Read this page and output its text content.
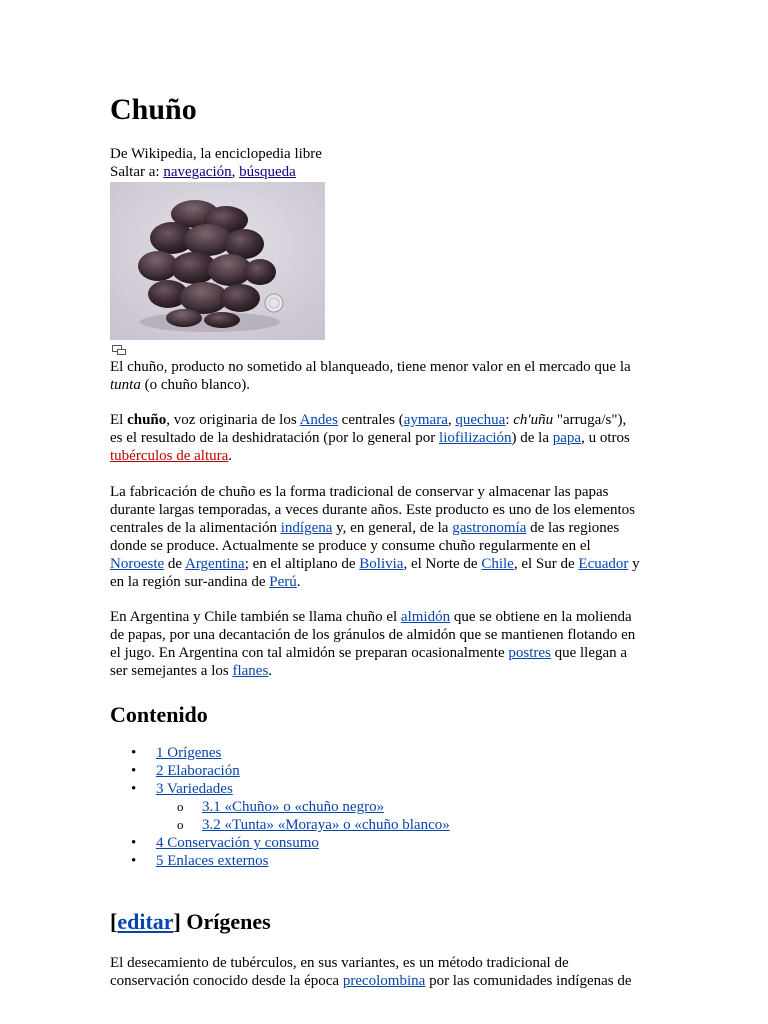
Chuño
De Wikipedia, la enciclopedia libre
Saltar a: navegación, búsqueda

El chuño, producto no sometido al blanqueado, tiene menor valor en el mercado que la
tunta (o chuño blanco).

El chuño, voz originaria de los Andes centrales (aymara, quechua: ch'uñu "arruga/s"),
es el resultado de la deshidratación (por lo general por liofilización) de la papa, u otros
tubérculos de altura.

La fabricación de chuño es la forma tradicional de conservar y almacenar las papas
durante largas temporadas, a veces durante años. Este producto es uno de los elementos
centrales de la alimentación indígena y, en general, de la gastronomía de las regiones
donde se produce. Actualmente se produce y consume chuño regularmente en el
Noroeste de Argentina; en el altiplano de Bolivia, el Norte de Chile, el Sur de Ecuador y
en la región sur-andina de Perú.

En Argentina y Chile también se llama chuño el almidón que se obtiene en la molienda
de papas, por una decantación de los gránulos de almidón que se mantienen flotando en
el jugo. En Argentina con tal almidón se preparan ocasionalmente postres que llegan a
ser semejantes a los flanes.

Contenido
• 1 Orígenes
• 2 Elaboración
• 3 Variedades
o 3.1 «Chuño» o «chuño negro»
o 3.2 «Tunta» «Moraya» o «chuño blanco»
• 4 Conservación y consumo
• 5 Enlaces externos
[editar] Orígenes

El desecamiento de tubérculos, en sus variantes, es un método tradicional de
conservación conocido desde la época precolombina por las comunidades indígenas de
